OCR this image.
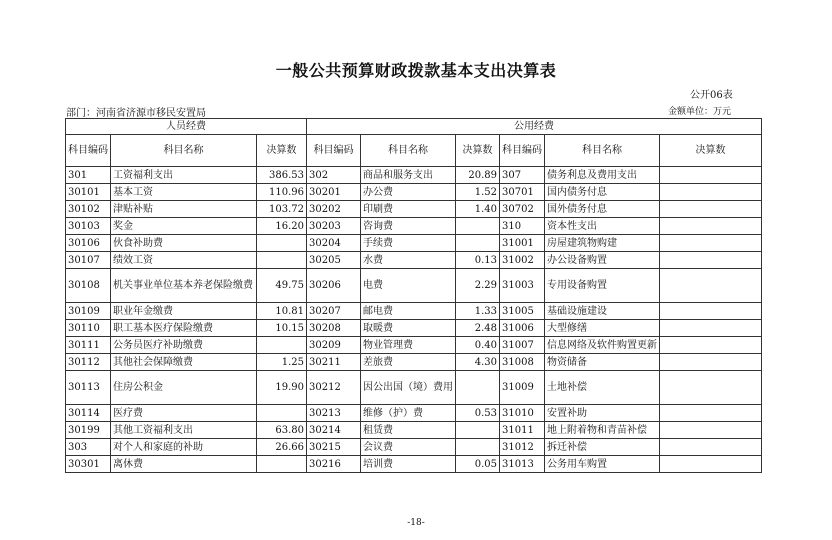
一般公共预算财政拨款基本支出决算表
公开06表
部门：河南省济源市移民安置局	金额单位：万元
人员经费			公用经费					
科目编码	科目名称	决算数	科目编码	科目名称	决算数	科目编码	科目名称	决算数
301	工资福利支出	386.53	302	商品和服务支出	20.89	307	债务利息及费用支出	
30101	基本工资	110.96	30201	办公费	1.52	30701	国内债务付息	
30102	津贴补贴	103.72	30202	印刷费	1.40	30702	国外债务付息	
30103	奖金	16.20	30203	咨询费		310	资本性支出	
30106	伙食补助费		30204	手续费		31001	房屋建筑物购建	
30107	绩效工资		30205	水费	0.13	31002	办公设备购置	
30108	机关事业单位基本养老保险缴费	49.75	30206	电费	2.29	31003	专用设备购置	
30109	职业年金缴费	10.81	30207	邮电费	1.33	31005	基础设施建设	
30110	职工基本医疗保险缴费	10.15	30208	取暖费	2.48	31006	大型修缮	
30111	公务员医疗补助缴费		30209	物业管理费	0.40	31007	信息网络及软件购置更新	
30112	其他社会保障缴费	1.25	30211	差旅费	4.30	31008	物资储备	
30113	住房公积金	19.90	30212	因公出国（境）费用		31009	土地补偿	
30114	医疗费		30213	维修（护）费	0.53	31010	安置补助	
30199	其他工资福利支出	63.80	30214	租赁费		31011	地上附着物和青苗补偿	
303	对个人和家庭的补助	26.66	30215	会议费		31012	拆迁补偿	
30301	离休费		30216	培训费	0.05	31013	公务用车购置	
-18-
